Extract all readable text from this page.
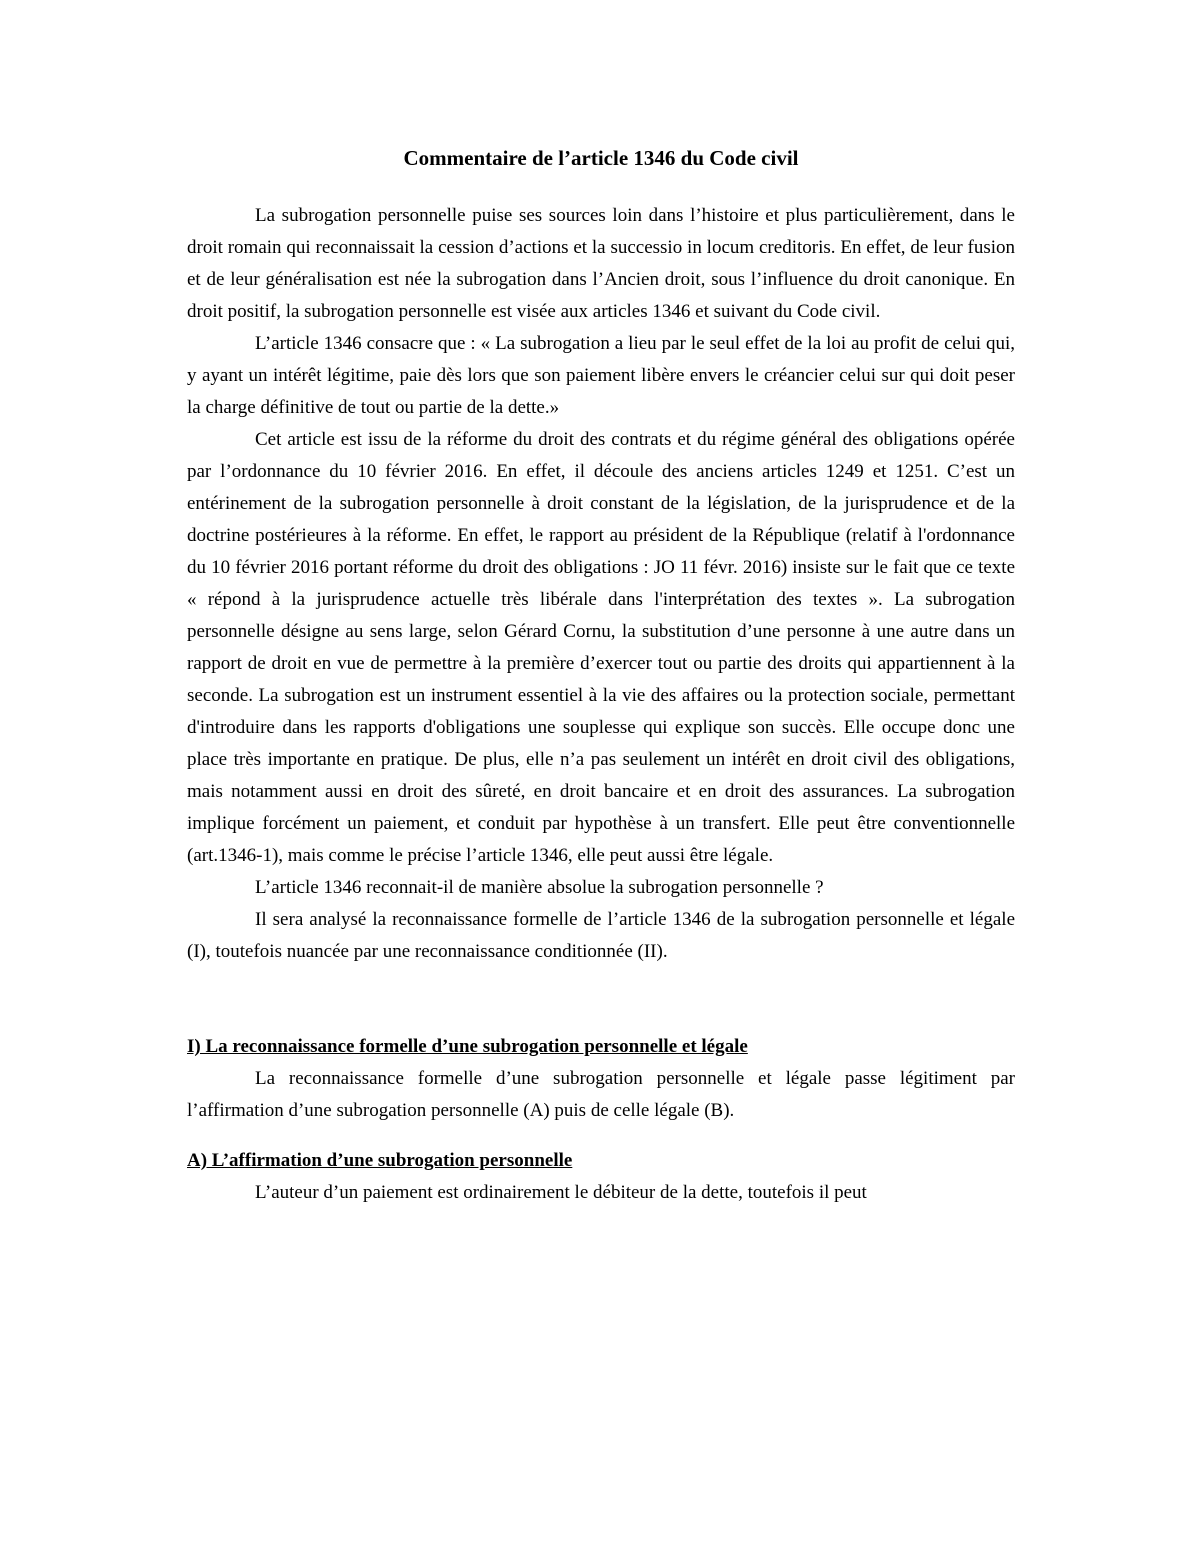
Commentaire de l’article 1346 du Code civil

La subrogation personnelle puise ses sources loin dans l’histoire et plus particulièrement, dans le droit romain qui reconnaissait la cession d’actions et la successio in locum creditoris. En effet, de leur fusion et de leur généralisation est née la subrogation dans l’Ancien droit, sous l’influence du droit canonique. En droit positif, la subrogation personnelle est visée aux articles 1346 et suivant du Code civil.

L’article 1346 consacre que : « La subrogation a lieu par le seul effet de la loi au profit de celui qui, y ayant un intérêt légitime, paie dès lors que son paiement libère envers le créancier celui sur qui doit peser la charge définitive de tout ou partie de la dette.»

Cet article est issu de la réforme du droit des contrats et du régime général des obligations opérée par l’ordonnance du 10 février 2016. En effet, il découle des anciens articles 1249 et 1251. C’est un entérinement de la subrogation personnelle à droit constant de la législation, de la jurisprudence et de la doctrine postérieures à la réforme. En effet, le rapport au président de la République (relatif à l'ordonnance du 10 février 2016 portant réforme du droit des obligations : JO 11 févr. 2016) insiste sur le fait que ce texte « répond à la jurisprudence actuelle très libérale dans l'interprétation des textes ». La subrogation personnelle désigne au sens large, selon Gérard Cornu, la substitution d’une personne à une autre dans un rapport de droit en vue de permettre à la première d’exercer tout ou partie des droits qui appartiennent à la seconde. La subrogation est un instrument essentiel à la vie des affaires ou la protection sociale, permettant d'introduire dans les rapports d'obligations une souplesse qui explique son succès. Elle occupe donc une place très importante en pratique. De plus, elle n’a pas seulement un intérêt en droit civil des obligations, mais notamment aussi en droit des sûreté, en droit bancaire et en droit des assurances. La subrogation implique forcément un paiement, et conduit par hypothèse à un transfert. Elle peut être conventionnelle (art.1346-1), mais comme le précise l’article 1346, elle peut aussi être légale.

L’article 1346 reconnait-il de manière absolue la subrogation personnelle ?

Il sera analysé la reconnaissance formelle de l’article 1346 de la subrogation personnelle et légale (I), toutefois nuancée par une reconnaissance conditionnée (II).

I) La reconnaissance formelle d’une subrogation personnelle et légale

La reconnaissance formelle d’une subrogation personnelle et légale passe légitiment par l’affirmation d’une subrogation personnelle (A) puis de celle légale (B).

A) L’affirmation d’une subrogation personnelle

L’auteur d’un paiement est ordinairement le débiteur de la dette, toutefois il peut
